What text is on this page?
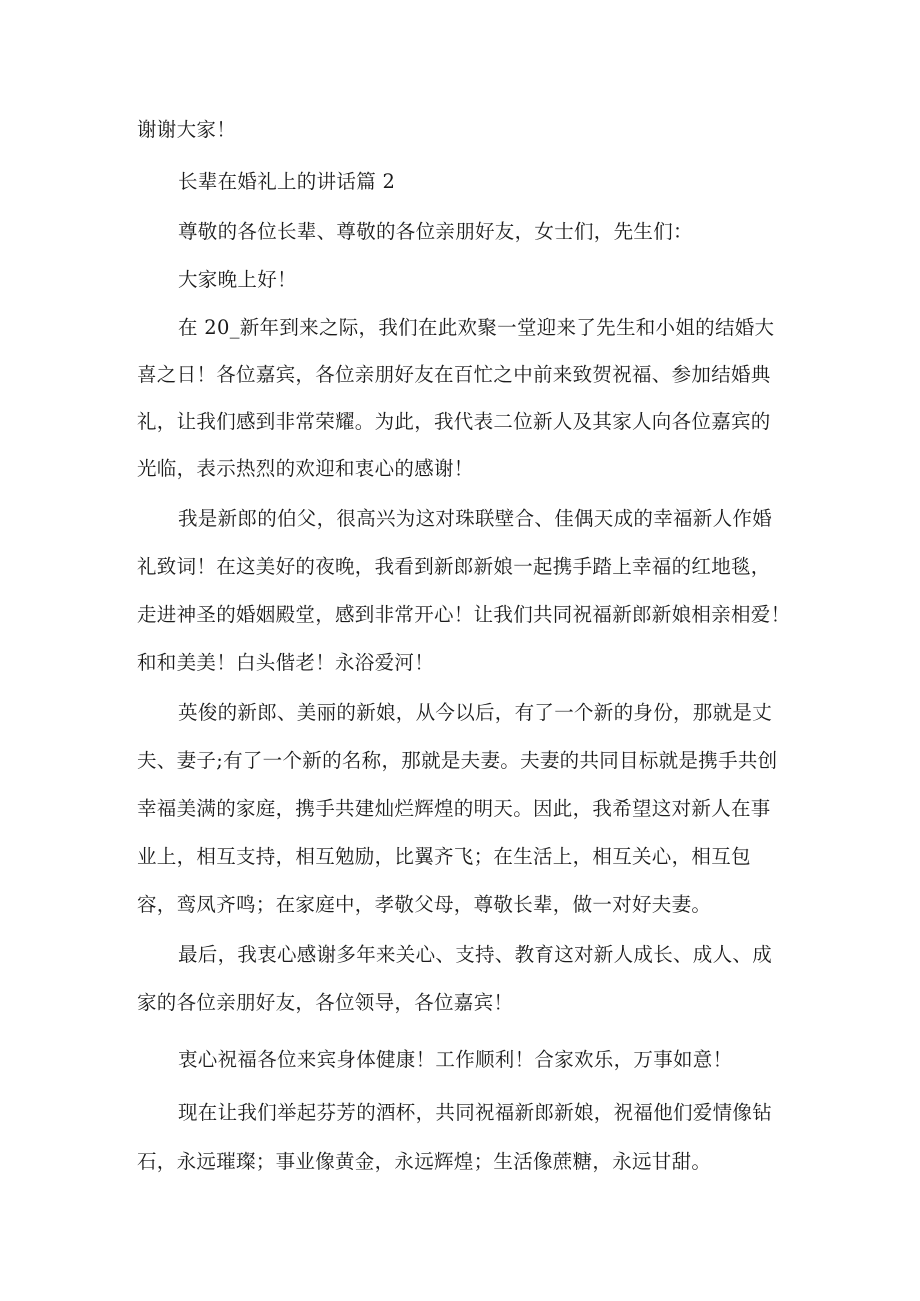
谢谢大家！
长辈在婚礼上的讲话篇 2
尊敬的各位长辈、尊敬的各位亲朋好友，女士们，先生们：
大家晚上好！
在 20_新年到来之际，我们在此欢聚一堂迎来了先生和小姐的结婚大
喜之日！各位嘉宾，各位亲朋好友在百忙之中前来致贺祝福、参加结婚典
礼，让我们感到非常荣耀。为此，我代表二位新人及其家人向各位嘉宾的
光临，表示热烈的欢迎和衷心的感谢！
我是新郎的伯父，很高兴为这对珠联壁合、佳偶天成的幸福新人作婚
礼致词！在这美好的夜晚，我看到新郎新娘一起携手踏上幸福的红地毯，
走进神圣的婚姻殿堂，感到非常开心！让我们共同祝福新郎新娘相亲相爱！
和和美美！白头偕老！永浴爱河！
英俊的新郎、美丽的新娘，从今以后，有了一个新的身份，那就是丈
夫、妻子;有了一个新的名称，那就是夫妻。夫妻的共同目标就是携手共创
幸福美满的家庭，携手共建灿烂辉煌的明天。因此，我希望这对新人在事
业上，相互支持，相互勉励，比翼齐飞；在生活上，相互关心，相互包
容，鸾凤齐鸣；在家庭中，孝敬父母，尊敬长辈，做一对好夫妻。
最后，我衷心感谢多年来关心、支持、教育这对新人成长、成人、成
家的各位亲朋好友，各位领导，各位嘉宾！
衷心祝福各位来宾身体健康！工作顺利！合家欢乐，万事如意！
现在让我们举起芬芳的酒杯，共同祝福新郎新娘，祝福他们爱情像钻
石，永远璀璨；事业像黄金，永远辉煌；生活像蔗糖，永远甘甜。
